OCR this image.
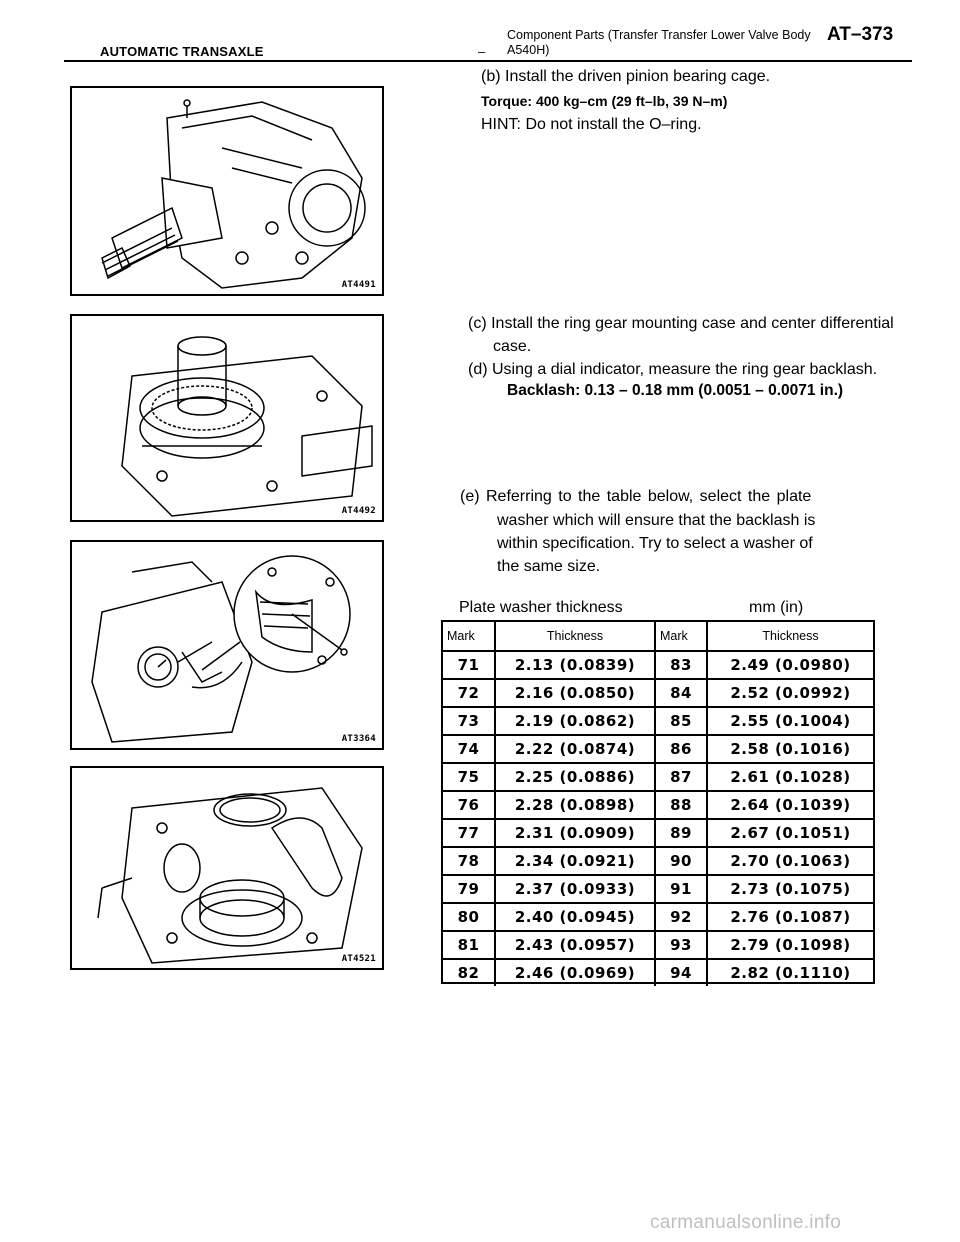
AUTOMATIC TRANSAXLE	–
Component Parts (Transfer Transfer Lower Valve Body A540H)
AT–373
(b) Install the driven pinion bearing cage.
Torque: 400 kg–cm (29 ft–lb, 39 N–m)
HINT: Do not install the O–ring.
(c) Install the ring gear mounting case and center differential
case.
(d) Using a dial indicator, measure the ring gear backlash.
Backlash: 0.13 – 0.18 mm (0.0051 – 0.0071 in.)
(e) Referring to the table below, select the plate
washer which will ensure that the backlash is
within specification. Try to select a washer of
the same size.
AT4491
AT4492
AT3364
AT4521
Plate washer thickness	mm (in)
Mark	Thickness	Mark	Thickness
71	2.13 (0.0839)	83	2.49 (0.0980)
72	2.16 (0.0850)	84	2.52 (0.0992)
73	2.19 (0.0862)	85	2.55 (0.1004)
74	2.22 (0.0874)	86	2.58 (0.1016)
75	2.25 (0.0886)	87	2.61 (0.1028)
76	2.28 (0.0898)	88	2.64 (0.1039)
77	2.31 (0.0909)	89	2.67 (0.1051)
78	2.34 (0.0921)	90	2.70 (0.1063)
79	2.37 (0.0933)	91	2.73 (0.1075)
80	2.40 (0.0945)	92	2.76 (0.1087)
81	2.43 (0.0957)	93	2.79 (0.1098)
82	2.46 (0.0969)	94	2.82 (0.1110)
carmanualsonline.info
